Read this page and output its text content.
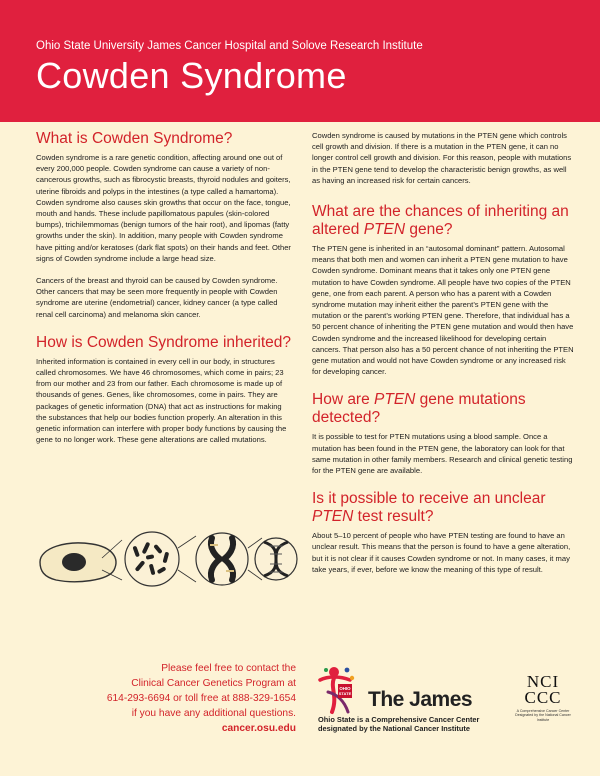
Ohio State University James Cancer Hospital and Solove Research Institute
Cowden Syndrome
What is Cowden Syndrome?

Cowden syndrome is a rare genetic condition, affecting around one out of every 200,000 people. Cowden syndrome can cause a variety of non-cancerous growths, such as fibrocystic breasts, thyroid nodules and goiters, uterine fibroids and polyps in the intestines (a type called a hamartoma). Cowden syndrome also causes skin growths that occur on the face, tongue, mouth and hands. These include papillomatous papules (skin-colored bumps), trichilemmomas (benign tumors of the hair root), and lipomas (fatty growths under the skin). In addition, many people with Cowden syndrome have pitting and/or keratoses (dark flat spots) on their hands and feet. Other signs of Cowden syndrome include a large head size.

Cancers of the breast and thyroid can be caused by Cowden syndrome. Other cancers that may be seen more frequently in people with Cowden syndrome are uterine (endometrial) cancer, kidney cancer (a type called renal cell carcinoma) and melanoma skin cancer.

How is Cowden Syndrome inherited?

Inherited information is contained in every cell in our body, in structures called chromosomes. We have 46 chromosomes, which come in pairs; 23 from our mother and 23 from our father. Each chromosome is made up of thousands of genes. Genes, like chromosomes, come in pairs. They are packages of genetic information (DNA) that act as instructions for making the substances that help our bodies function properly. An alteration in this genetic information can interfere with proper body functions by causing the gene to no longer work. These gene alterations are called mutations.

Cowden syndrome is caused by mutations in the PTEN gene which controls cell growth and division. If there is a mutation in the PTEN gene, it can no longer control cell growth and division. For this reason, people with mutations in the PTEN gene tend to develop the characteristic benign growths, as well as having an increased risk for certain cancers.

What are the chances of inheriting an altered PTEN gene?

The PTEN gene is inherited in an “autosomal dominant” pattern. Autosomal means that both men and women can inherit a PTEN gene mutation to have Cowden syndrome. Dominant means that it takes only one PTEN gene mutation to have Cowden syndrome. All people have two copies of the PTEN gene, one from each parent. A person who has a parent with a Cowden syndrome mutation may inherit either the parent’s PTEN gene with the mutation or the parent’s working PTEN gene. Therefore, that individual has a 50 percent chance of inheriting the PTEN gene mutation and would then have Cowden syndrome and the increased likelihood for developing certain cancers. That person also has a 50 percent chance of not inheriting the PTEN gene mutation and would not have Cowden syndrome or any increased risk for developing cancer.

How are PTEN gene mutations detected?

It is possible to test for PTEN mutations using a blood sample. Once a mutation has been found in the PTEN gene, the laboratory can look for that same mutation in other family members. Research and clinical genetic testing for the PTEN gene are available.

Is it possible to receive an unclear PTEN test result?

About 5–10 percent of people who have PTEN testing are found to have an unclear result. This means that the person is found to have a gene alteration, but it is not clear if it causes Cowden syndrome or not. In many cases, it may take years, if ever, before we know the meaning of this type of result.

Please feel free to contact the
Clinical Cancer Genetics Program at
614-293-6694 or toll free at 888-329-1654
if you have any additional questions.
cancer.osu.edu
OHIO
STATE The James
Ohio State is a Comprehensive Cancer Center
designated by the National Cancer Institute
NCI
CCC
A Comprehensive Cancer Center Designated by the National Cancer Institute
